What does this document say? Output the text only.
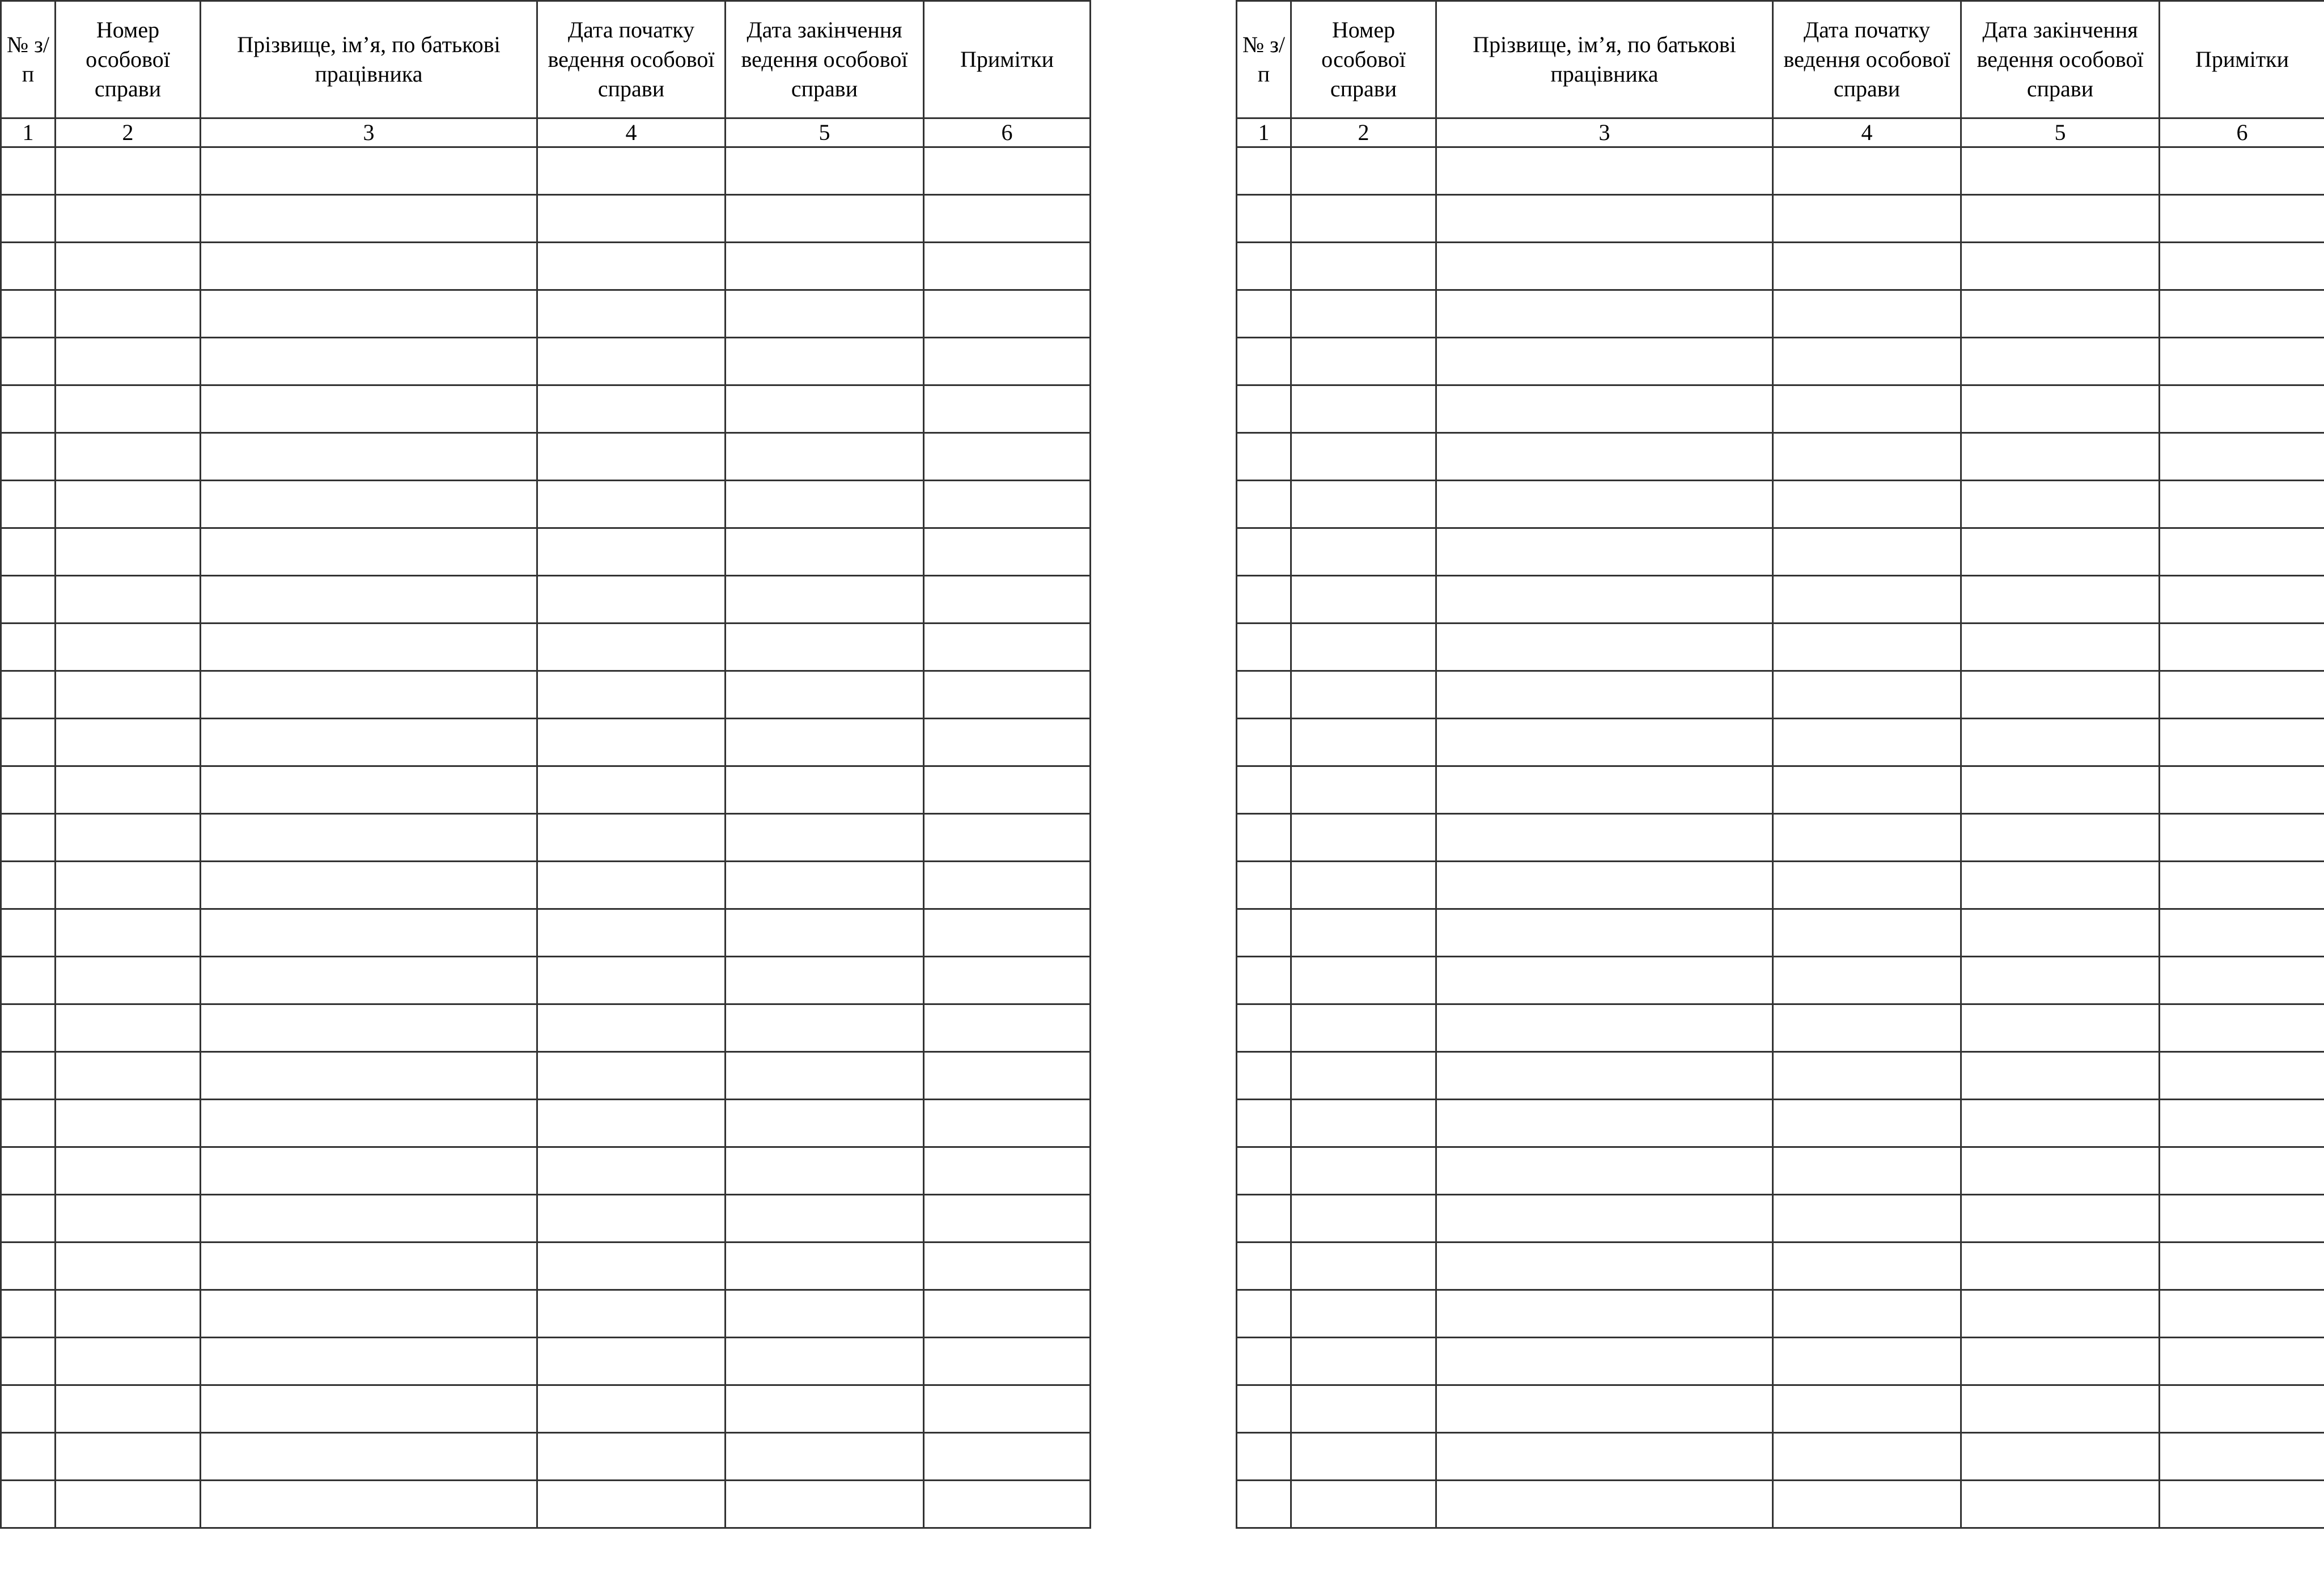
№ з/п	Номер особової справи	Прізвище, ім’я, по батькові працівника	Дата початку ведення особової справи	Дата закінчення ведення особової справи	Примітки
1	2	3	4	5	6

№ з/п	Номер особової справи	Прізвище, ім’я, по батькові працівника	Дата початку ведення особової справи	Дата закінчення ведення особової справи	Примітки
1	2	3	4	5	6
